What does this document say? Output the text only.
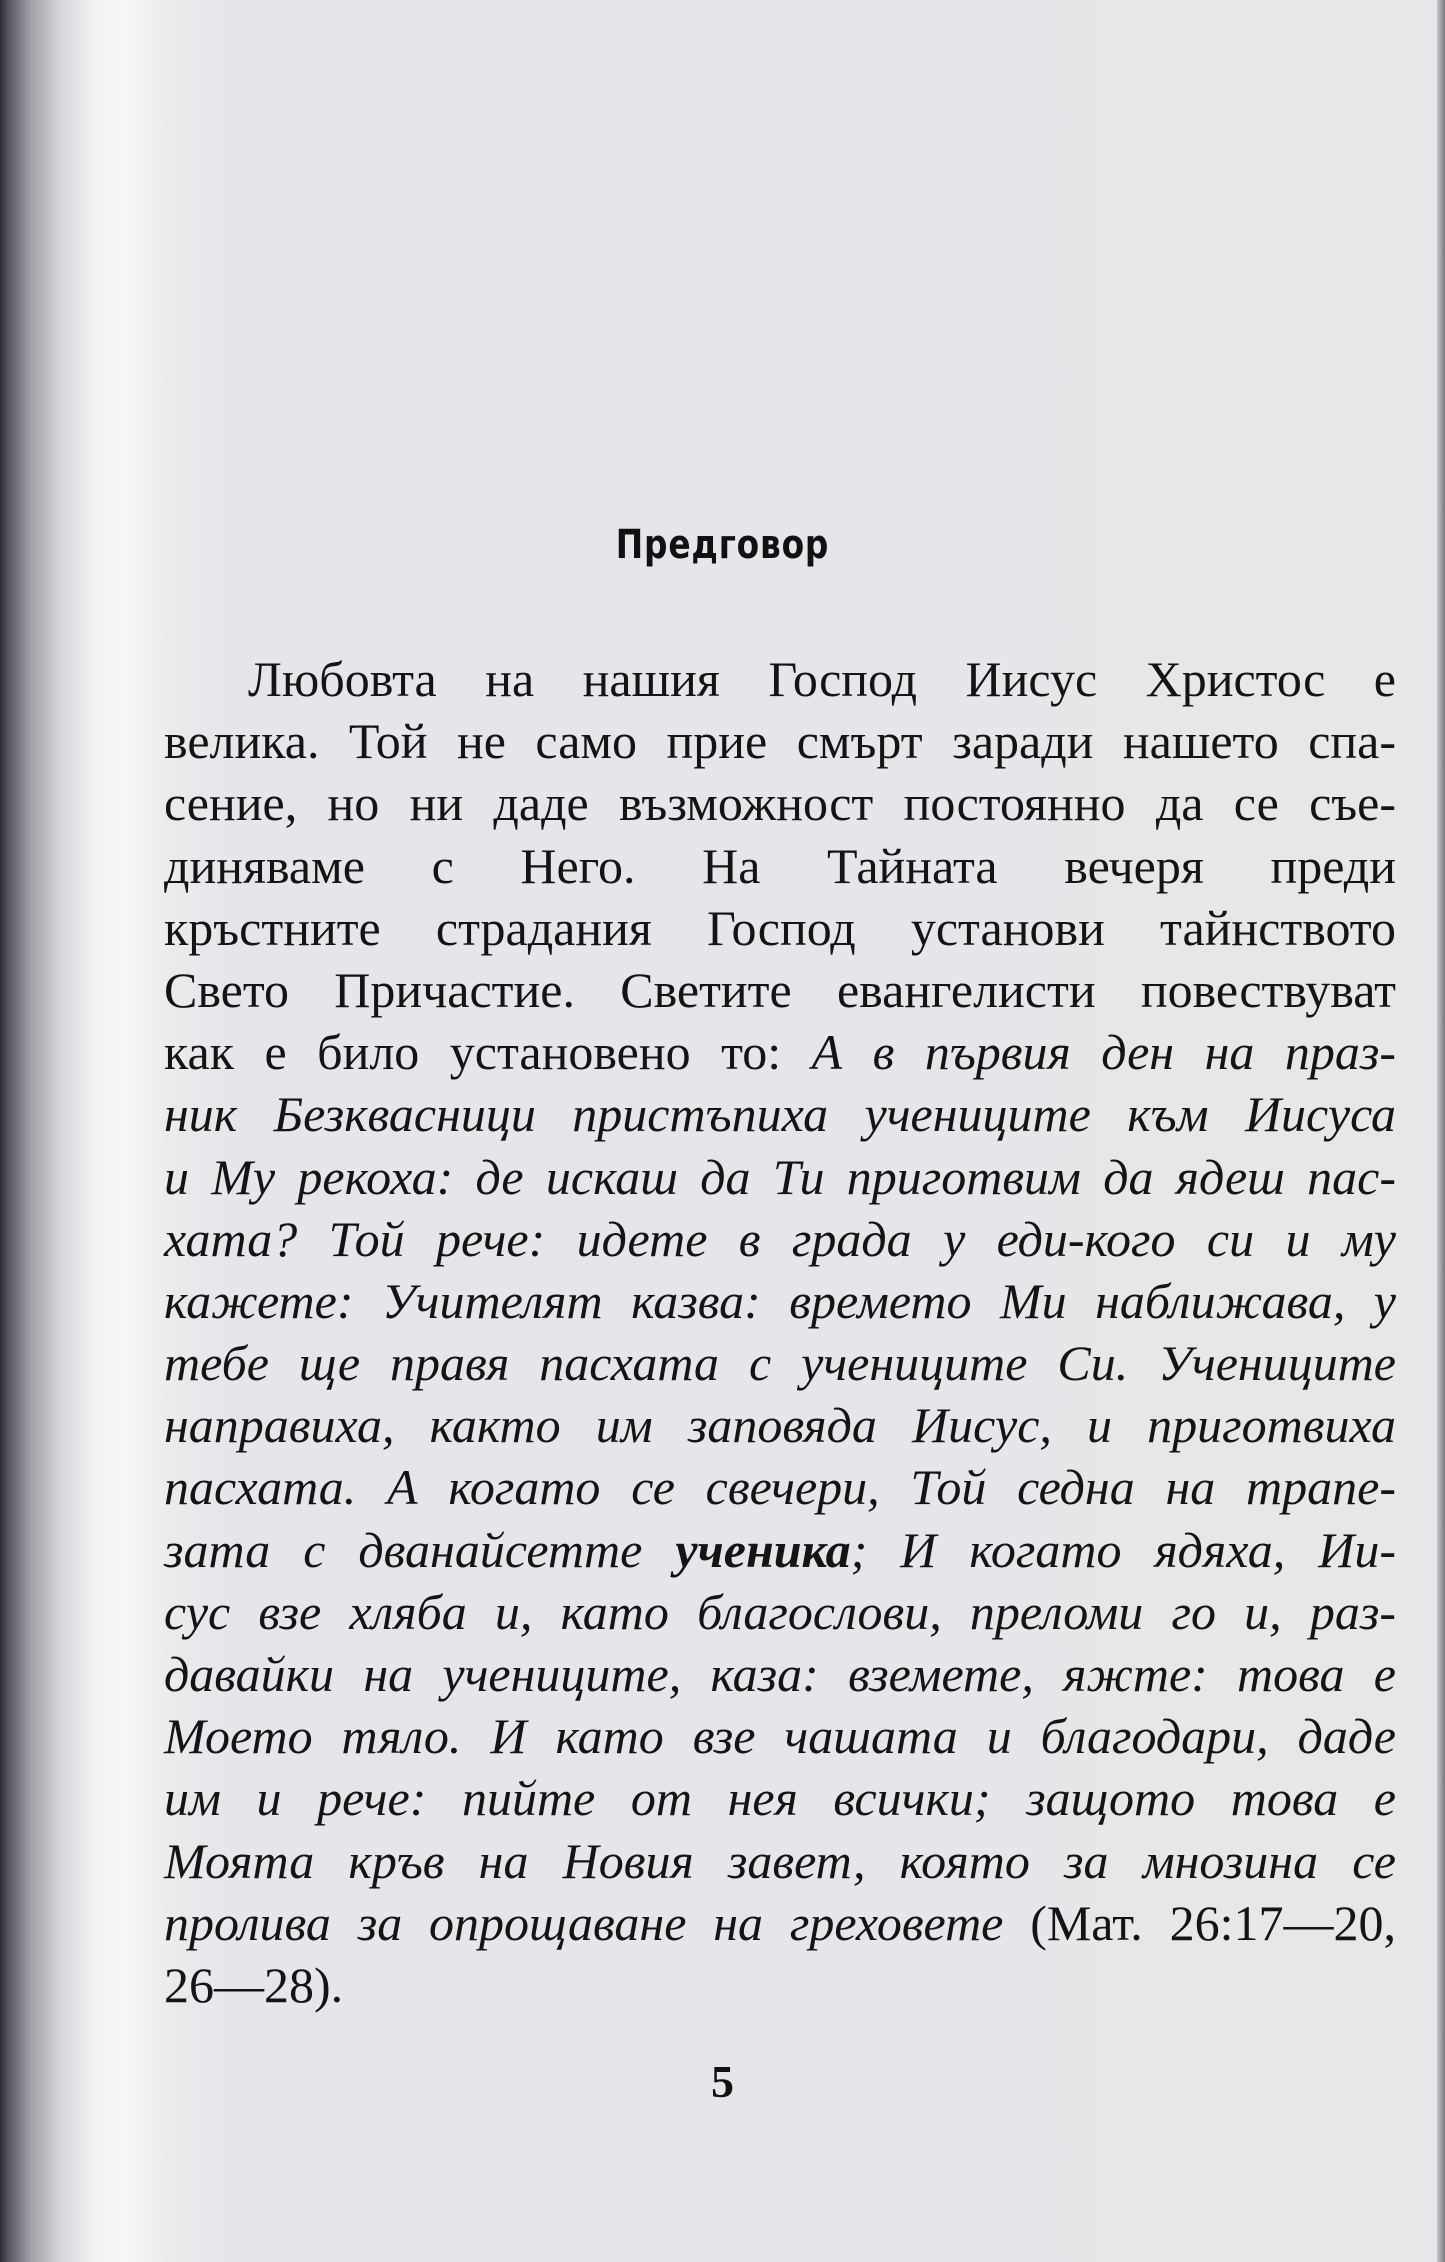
Предговор
Любовта на нашия Господ Иисус Христос е
велика. Той не само прие смърт заради нашето спа-
сение, но ни даде възможност постоянно да се съе-
диняваме с Него. На Тайната вечеря преди
кръстните страдания Господ установи тайнството
Свето Причастие. Светите евангелисти повествуват
как е било установено то: А в първия ден на праз-
ник Безквасници пристъпиха учениците към Иисуса
и Му рекоха: де искаш да Ти приготвим да ядеш пас-
хата? Той рече: идете в града у еди-кого си и му
кажете: Учителят казва: времето Ми наближава, у
тебе ще правя пасхата с учениците Си. Учениците
направиха, както им заповяда Иисус, и приготвиха
пасхата. А когато се свечери, Той седна на трапе-
зата с дванайсетте ученика; И когато ядяха, Ии-
сус взе хляба и, като благослови, преломи го и, раз-
давайки на учениците, каза: вземете, яжте: това е
Моето тяло. И като взе чашата и благодари, даде
им и рече: пийте от нея всички; защото това е
Моята кръв на Новия завет, която за мнозина се
пролива за опрощаване на греховете (Мат. 26:17—20,
26—28).
5
